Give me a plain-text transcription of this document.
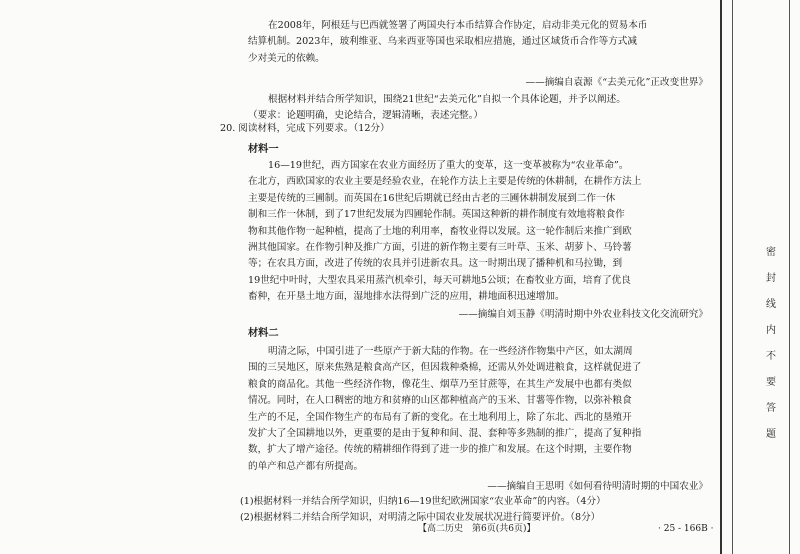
在2008年，阿根廷与巴西就签署了两国央行本币结算合作协定，启动非美元化的贸易本币

结算机制。2023年，玻利维亚、乌来西亚等国也采取相应措施，通过区域货币合作等方式减

少对美元的依赖。

——摘编自袁源《“去美元化”正改变世界》

根据材料并结合所学知识，围绕21世纪“去美元化”自拟一个具体论题，并予以阐述。

（要求：论题明确，史论结合，逻辑清晰，表述完整。）

20. 阅读材料，完成下列要求。（12分）
材料一

16—19世纪，西方国家在农业方面经历了重大的变革，这一变革被称为“农业革命”。

在北方，西欧国家的农业主要是经验农业，在轮作方法上主要是传统的休耕制，在耕作方法上

主要是传统的三圃制。而英国在16世纪后期就已经由古老的三圃休耕制发展到二作一休

制和三作一休制，到了17世纪发展为四圃轮作制。英国这种新的耕作制度有效地将粮食作

物和其他作物一起种植，提高了土地的利用率，畜牧业得以发展。这一轮作制后来推广到欧

洲其他国家。在作物引种及推广方面，引进的新作物主要有三叶草、玉米、胡萝卜、马铃薯

等；在农具方面，改进了传统的农具并引进新农具。这一时期出现了播种机和马拉锄，到

19世纪中叶时，大型农具采用蒸汽机牵引，每天可耕地5公顷；在畜牧业方面，培育了优良

畜种，在开垦土地方面，湿地排水法得到广泛的应用，耕地面积迅速增加。

——摘编自刘玉静《明清时期中外农业科技文化交流研究》
材料二

明清之际，中国引进了一些原产于新大陆的作物。在一些经济作物集中产区，如太湖周

围的三吴地区，原来焦熟是粮食高产区，但因栽种桑棉，还需从外处调进粮食，这样就促进了

粮食的商品化。其他一些经济作物，像花生、烟草乃至甘蔗等，在其生产发展中也都有类似

情况。同时，在人口稠密的地方和贫瘠的山区都种植高产的玉米、甘薯等作物，以弥补粮食

生产的不足，全国作物生产的布局有了新的变化。在土地利用上，除了东北、西北的垦殖开

发扩大了全国耕地以外，更重要的是由于复种和间、混、套种等多熟制的推广，提高了复种指

数，扩大了增产途径。传统的精耕细作得到了进一步的推广和发展。在这个时期，主要作物

的单产和总产都有所提高。

——摘编自王思明《如何看待明清时期的中国农业》

(1)根据材料一并结合所学知识，归纳16—19世纪欧洲国家“农业革命”的内容。（4分）

(2)根据材料二并结合所学知识，对明清之际中国农业发展状况进行简要评价。（8分）

【高二历史　第6页(共6页)】	· 25 - 166B ·
密
封
线
内
不
要
答
题
